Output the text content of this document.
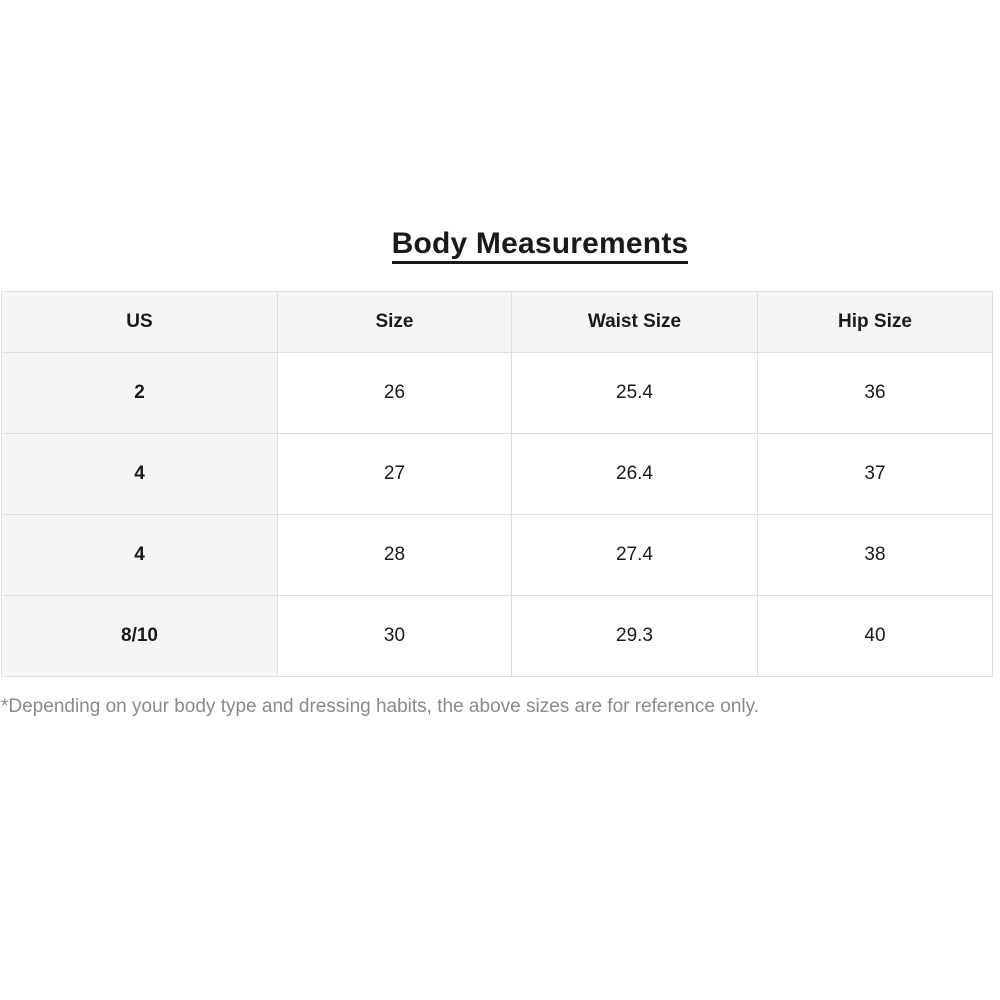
Body Measurements
US	Size	Waist Size	Hip Size
2	26	25.4	36
4	27	26.4	37
4	28	27.4	38
8/10	30	29.3	40

*Depending on your body type and dressing habits, the above sizes are for reference only.
